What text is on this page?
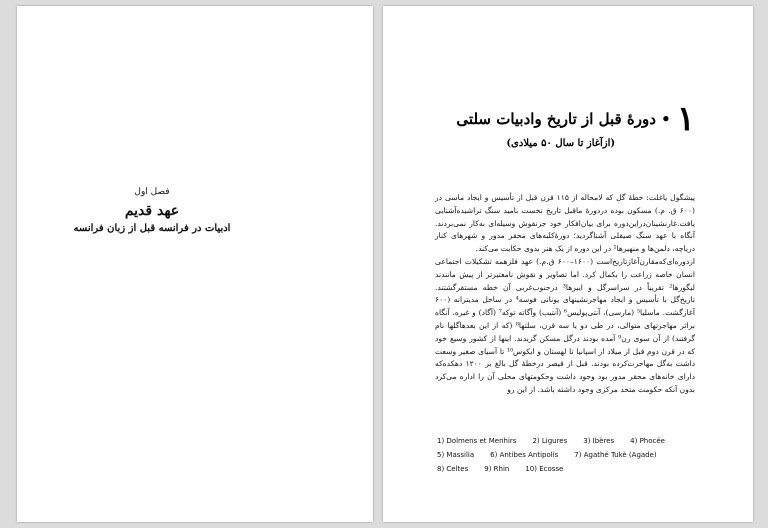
فصل اول
عهد قدیم
ادبیات در فرانسه قبل از زبان فرانسه
۱
• دورهٔ قبل از تاریخ وادبیات سلتی
(ازآغاز تا سال ۵۰ میلادی)

پیشگول یاغلت: خطهٔ گل که لامحاله از ۱۱۵ قرن قبل از تأسیس و ایجاد ماسی در (۶۰۰ ق. م.) مسکون بوده دردورهٔ ماقبل تاریخ نخست بامید سنگ تراشیده‌آشنایی یافت.غارنشینان‌دراین‌دوره برای بیان‌افکار خود جزنقوش وسیله‌ای به‌کار نمی‌بردند. آنگاه با عهد سنگ صیقلی آشناگردید؛ دورهٔ‌کلبه‌های محقر مدور و شهرهای کنار دریاچه، دلمن‌ها و منهیرها¹ در این دوره از یک هنر بدوی حکایت می‌کند.

ازدوره‌ای‌که‌مقارن‌آغازتاریخ‌است (۱۶۰۰–۶۰۰ ق.م.) عهد فلزهمه تشکیلات اجتماعی انسان خاصه زراعت را بکمال کرد. اما تصاویر و نقوش نامعتبرتر از پیش مانندند لیگورها² تقریباً در سراسرگل و ایبرها³ درجنوب‌غربی آن خطه مستقرگشتند. تاریخ‌گل با تأسیس و ایجاد مهاجرنشینهای یونانی فوسه⁴ در ساحل مدیترانه (۶۰۰ آغازگشت. ماسلیا⁵ (مارسی)، آنتی‌پولیس⁶ (آنتیب) وآگاته توکه⁷ (آگاد) و غیره. آنگاه براثر مهاجرتهای متوالی، در طی دو یا سه قرن، سلتها⁸ (که از این بعدهاگلها نام گرفتند) از آن سوی رن⁹ آمده بودند درگل مسکن گزیدند. اینها از کشور وسیع خود که در قرن دوم قبل از میلاد از اسپانیا تا لهستان و ایکوس¹⁰ تا آسیای صغیر وسعت داشت به‌گل مهاجرت‌کرده بودند. قبل از قیصر درخطهٔ گل بالغ بر ۱۲۰۰ دهکده‌که دارای خانه‌های محقر مدور بود وجود داشت وحکومتهای محلی آن‌ را اداره می‌کرد بدون آنکه حکومت متحد مرکزی وجود داشته باشد. از این رو

1) Dolmens et Menhirs 2) Ligures 3) Ibères 4) Phocée
5) Massilia 6) Antibes Antipolis 7) Agathé Tukè (Agade)
8) Celtes 9) Rhin 10) Ecosse
